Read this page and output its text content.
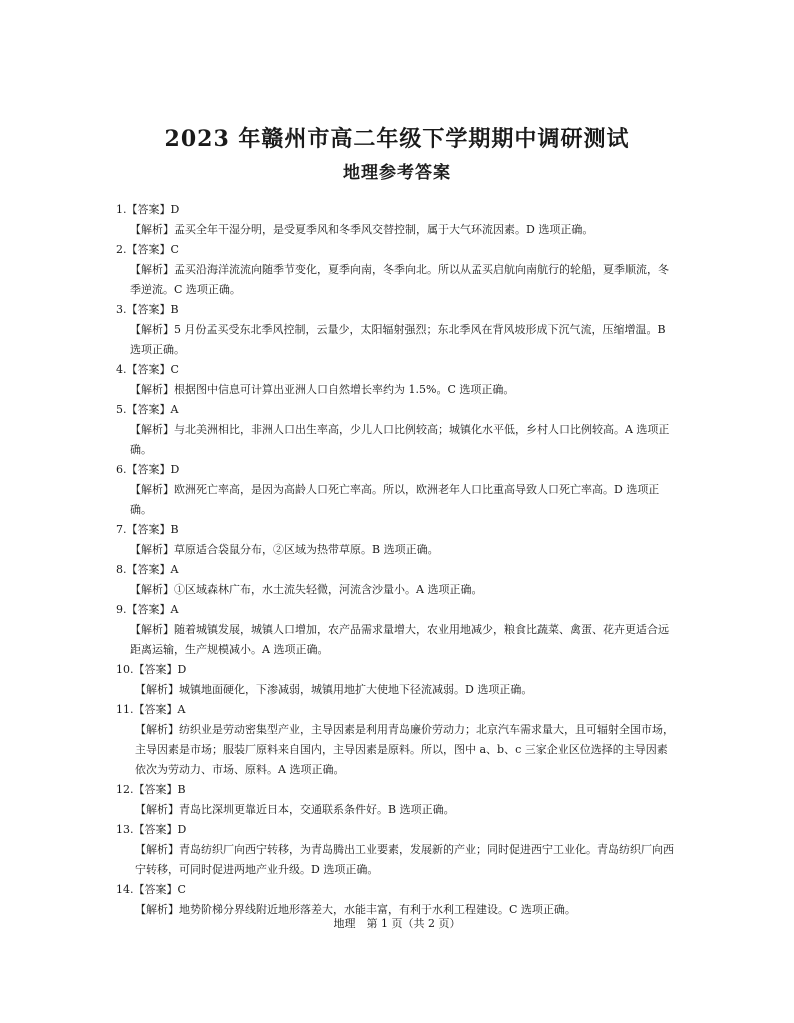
2023 年赣州市高二年级下学期期中调研测试
地理参考答案
1.【答案】D
【解析】孟买全年干湿分明，是受夏季风和冬季风交替控制，属于大气环流因素。D 选项正确。
2.【答案】C
【解析】孟买沿海洋流流向随季节变化，夏季向南，冬季向北。所以从孟买启航向南航行的轮船，夏季顺流，冬季逆流。C 选项正确。
3.【答案】B
【解析】5 月份孟买受东北季风控制，云量少，太阳辐射强烈；东北季风在背风坡形成下沉气流，压缩增温。B 选项正确。
4.【答案】C
【解析】根据图中信息可计算出亚洲人口自然增长率约为 1.5%。C 选项正确。
5.【答案】A
【解析】与北美洲相比，非洲人口出生率高，少儿人口比例较高；城镇化水平低，乡村人口比例较高。A 选项正确。
6.【答案】D
【解析】欧洲死亡率高，是因为高龄人口死亡率高。所以，欧洲老年人口比重高导致人口死亡率高。D 选项正确。
7.【答案】B
【解析】草原适合袋鼠分布，②区域为热带草原。B 选项正确。
8.【答案】A
【解析】①区域森林广布，水土流失轻微，河流含沙量小。A 选项正确。
9.【答案】A
【解析】随着城镇发展，城镇人口增加，农产品需求量增大，农业用地减少，粮食比蔬菜、禽蛋、花卉更适合远距离运输，生产规模减小。A 选项正确。
10.【答案】D
【解析】城镇地面硬化，下渗减弱，城镇用地扩大使地下径流减弱。D 选项正确。
11.【答案】A
【解析】纺织业是劳动密集型产业，主导因素是利用青岛廉价劳动力；北京汽车需求量大，且可辐射全国市场，主导因素是市场；服装厂原料来自国内，主导因素是原料。所以，图中 a、b、c 三家企业区位选择的主导因素依次为劳动力、市场、原料。A 选项正确。
12.【答案】B
【解析】青岛比深圳更靠近日本，交通联系条件好。B 选项正确。
13.【答案】D
【解析】青岛纺织厂向西宁转移，为青岛腾出工业要素，发展新的产业；同时促进西宁工业化。青岛纺织厂向西宁转移，可同时促进两地产业升级。D 选项正确。
14.【答案】C
【解析】地势阶梯分界线附近地形落差大，水能丰富，有利于水利工程建设。C 选项正确。
地理　第 1 页（共 2 页）
